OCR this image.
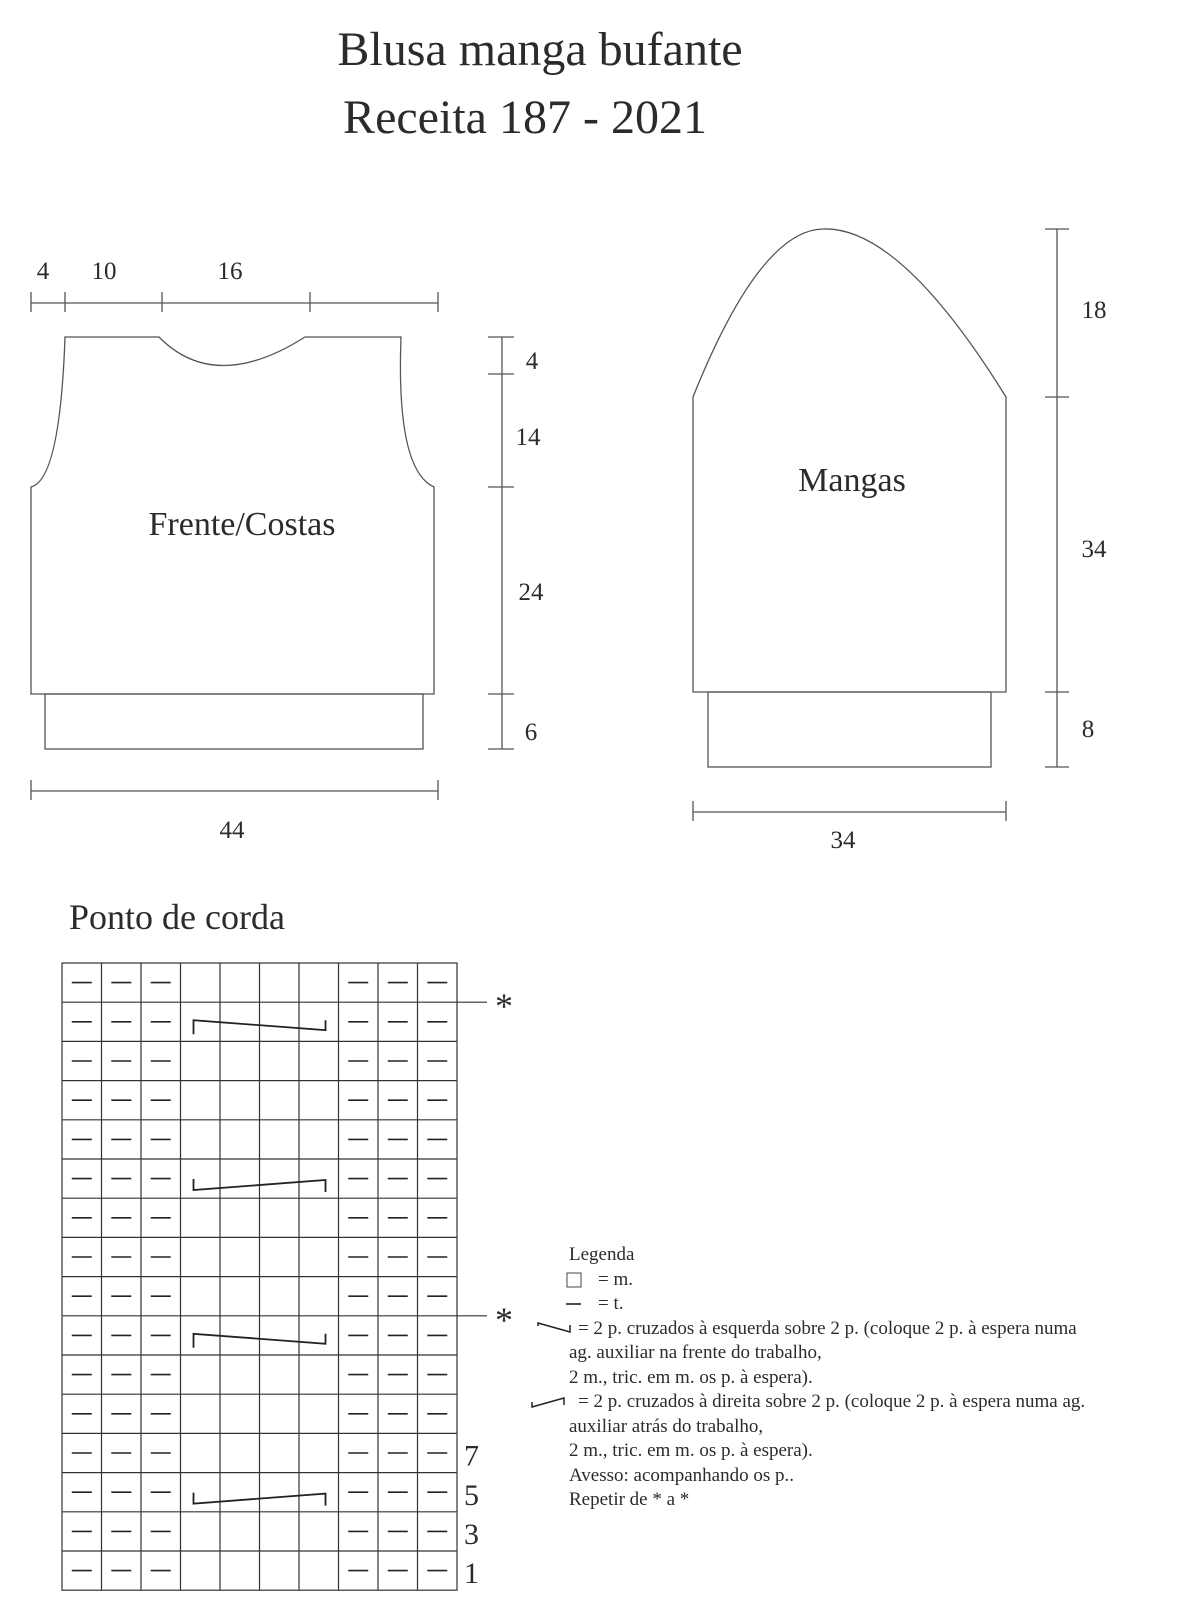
Blusa manga bufante
Receita 187 - 2021
4 10	16
4
14
24
6
44
Frente/Costas
18
34
8
34
Mangas
Ponto de corda
*
*
7
5
3
1
Legenda
= m.
= t.
= 2 p. cruzados à esquerda sobre 2 p. (coloque 2 p. à espera numa
ag. auxiliar na frente do trabalho,
2 m., tric. em m. os p. à espera).
= 2 p. cruzados à direita sobre 2 p. (coloque 2 p. à espera numa ag.
auxiliar atrás do trabalho,
2 m., tric. em m. os p. à espera).
Avesso: acompanhando os p..
Repetir de * a *
